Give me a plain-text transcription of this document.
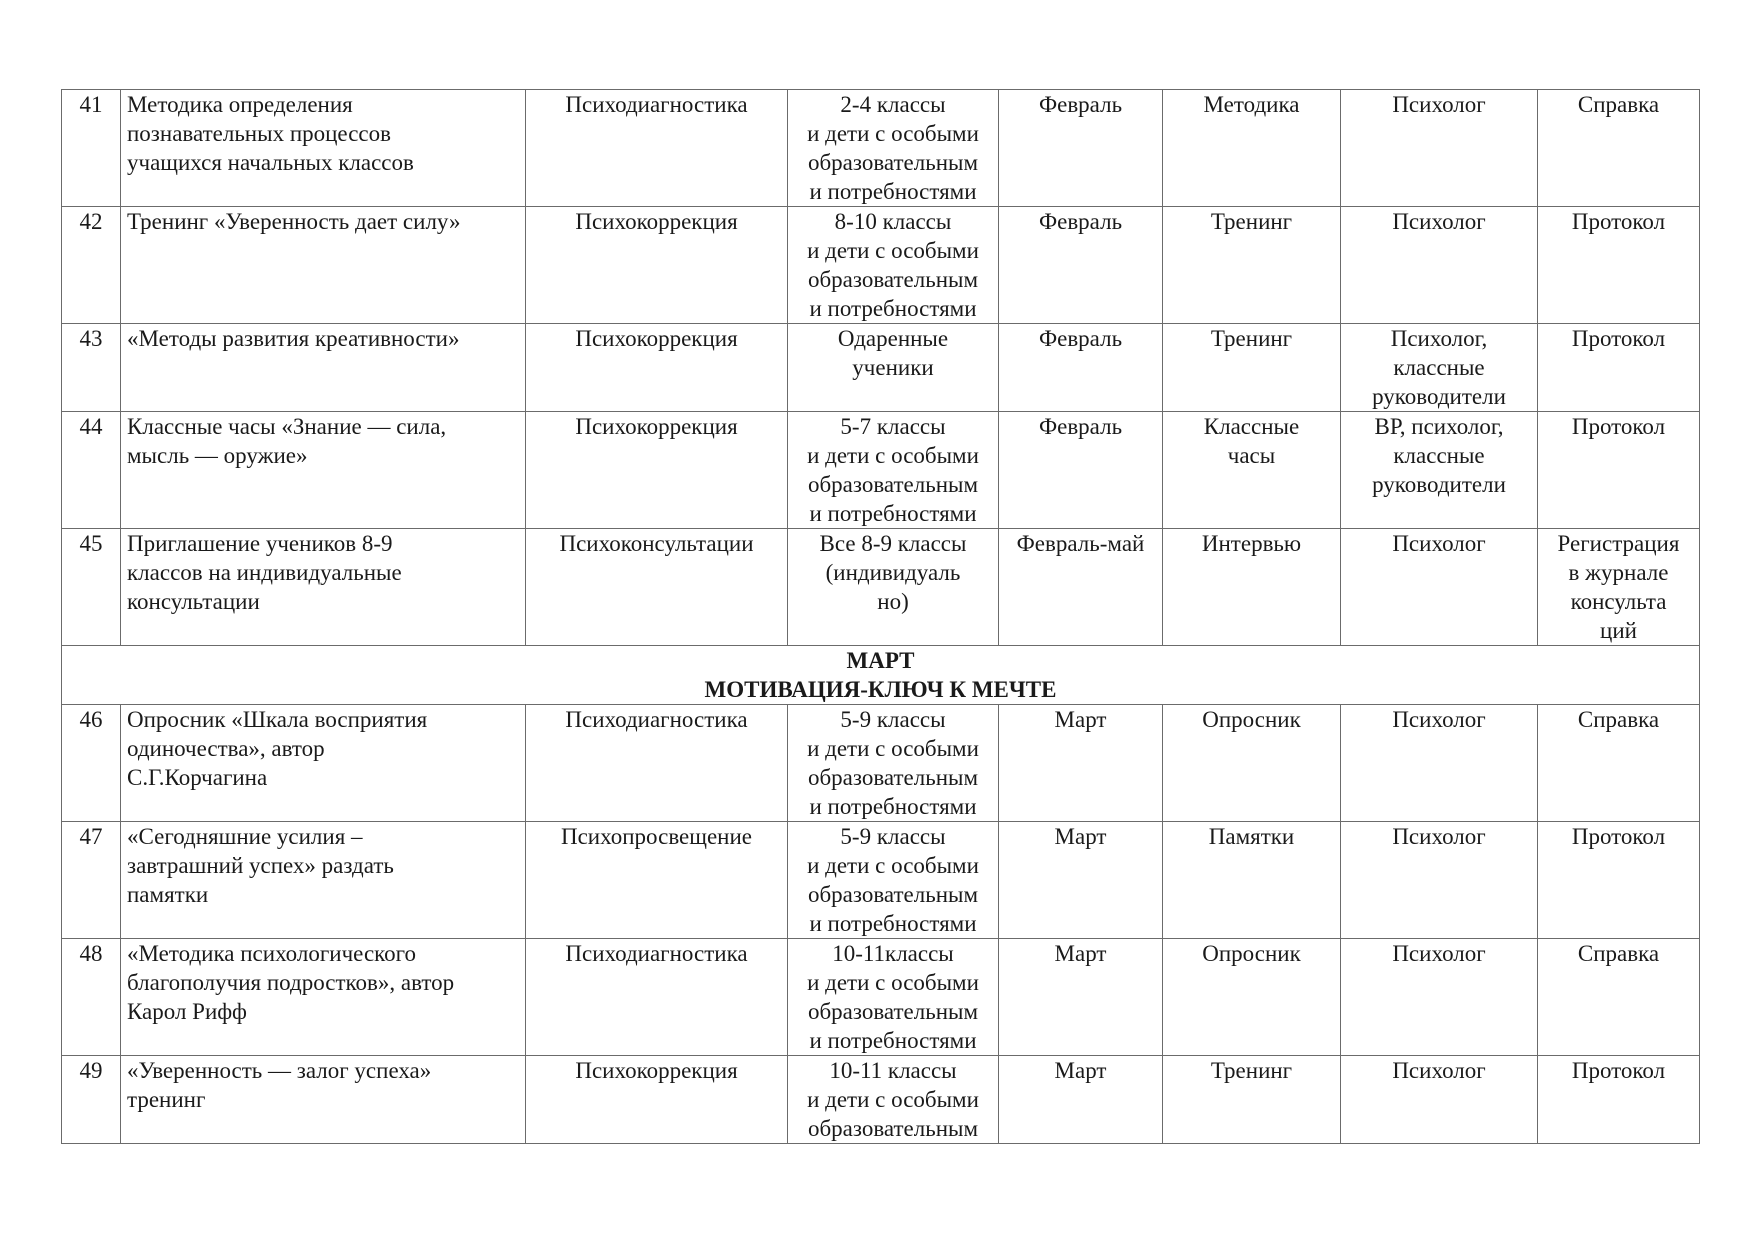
41	Методика определения
познавательных процессов
учащихся начальных классов	Психодиагностика	2-4 классы
и дети с особыми
образовательным
и потребностями	Февраль	Методика	Психолог	Справка

42	Тренинг «Уверенность дает силу»	Психокоррекция	8-10 классы
и дети с особыми
образовательным
и потребностями	Февраль	Тренинг	Психолог	Протокол

43	«Методы развития креативности»	Психокоррекция	Одаренные
ученики	Февраль	Тренинг	Психолог,
классные
руководители	Протокол

44	Классные часы «Знание — сила,
мысль — оружие»	Психокоррекция	5-7 классы
и дети с особыми
образовательным
и потребностями	Февраль	Классные
часы	ВР, психолог,
классные
руководители	Протокол

45	Приглашение учеников 8-9
классов на индивидуальные
консультации	Психоконсультации	Все 8-9 классы
(индивидуаль
но)	Февраль-май	Интервью	Психолог	Регистрация
в журнале
консульта
ций

МАРТ
МОТИВАЦИЯ-КЛЮЧ К МЕЧТЕ							

46	Опросник «Шкала восприятия
одиночества», автор
С.Г.Корчагина	Психодиагностика	5-9 классы
и дети с особыми
образовательным
и потребностями	Март	Опросник	Психолог	Справка

47	«Сегодняшние усилия –
завтрашний успех» раздать
памятки	Психопросвещение	5-9 классы
и дети с особыми
образовательным
и потребностями	Март	Памятки	Психолог	Протокол

48	«Методика психологического
благополучия подростков», автор
Карол Рифф	Психодиагностика	10-11классы
и дети с особыми
образовательным
и потребностями	Март	Опросник	Психолог	Справка

49	«Уверенность — залог успеха»
тренинг	Психокоррекция	10-11 классы
и дети с особыми
образовательным	Март	Тренинг	Психолог	Протокол
